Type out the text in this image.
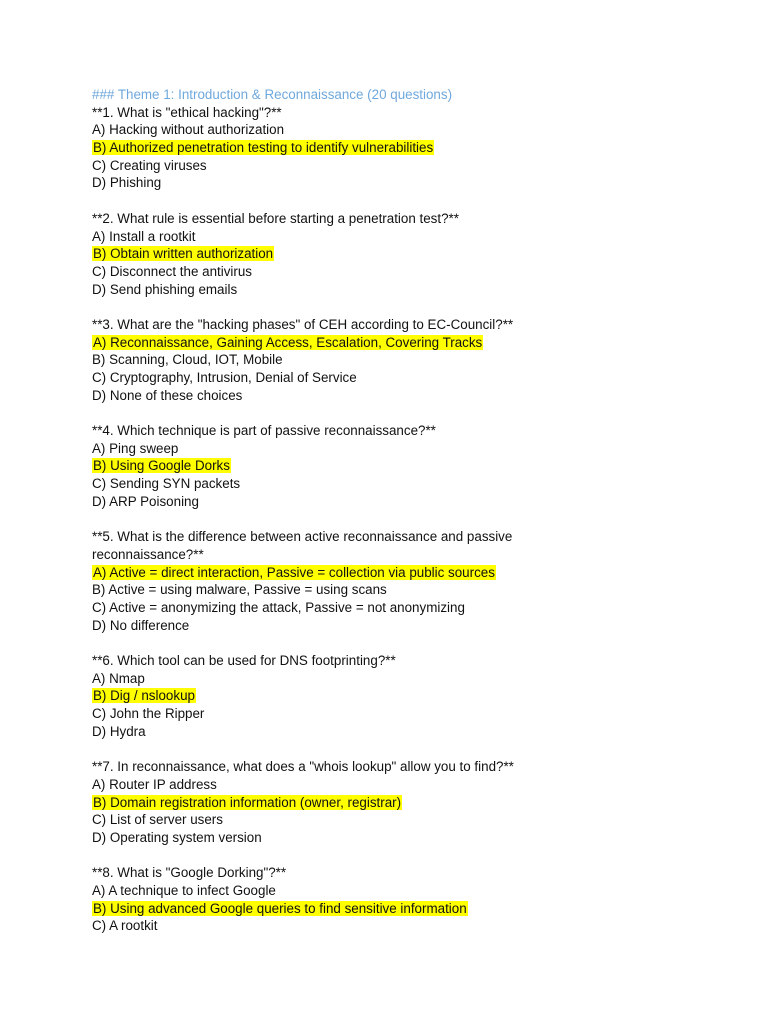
### Theme 1: Introduction & Reconnaissance (20 questions)
**1. What is "ethical hacking"?**
A) Hacking without authorization
B) Authorized penetration testing to identify vulnerabilities
C) Creating viruses
D) Phishing
**2. What rule is essential before starting a penetration test?**
A) Install a rootkit
B) Obtain written authorization
C) Disconnect the antivirus
D) Send phishing emails
**3. What are the "hacking phases" of CEH according to EC-Council?**
A) Reconnaissance, Gaining Access, Escalation, Covering Tracks
B) Scanning, Cloud, IOT, Mobile
C) Cryptography, Intrusion, Denial of Service
D) None of these choices
**4. Which technique is part of passive reconnaissance?**
A) Ping sweep
B) Using Google Dorks
C) Sending SYN packets
D) ARP Poisoning
**5. What is the difference between active reconnaissance and passive
reconnaissance?**
A) Active = direct interaction, Passive = collection via public sources
B) Active = using malware, Passive = using scans
C) Active = anonymizing the attack, Passive = not anonymizing
D) No difference
**6. Which tool can be used for DNS footprinting?**
A) Nmap
B) Dig / nslookup
C) John the Ripper
D) Hydra
**7. In reconnaissance, what does a "whois lookup" allow you to find?**
A) Router IP address
B) Domain registration information (owner, registrar)
C) List of server users
D) Operating system version
**8. What is "Google Dorking"?**
A) A technique to infect Google
B) Using advanced Google queries to find sensitive information
C) A rootkit
